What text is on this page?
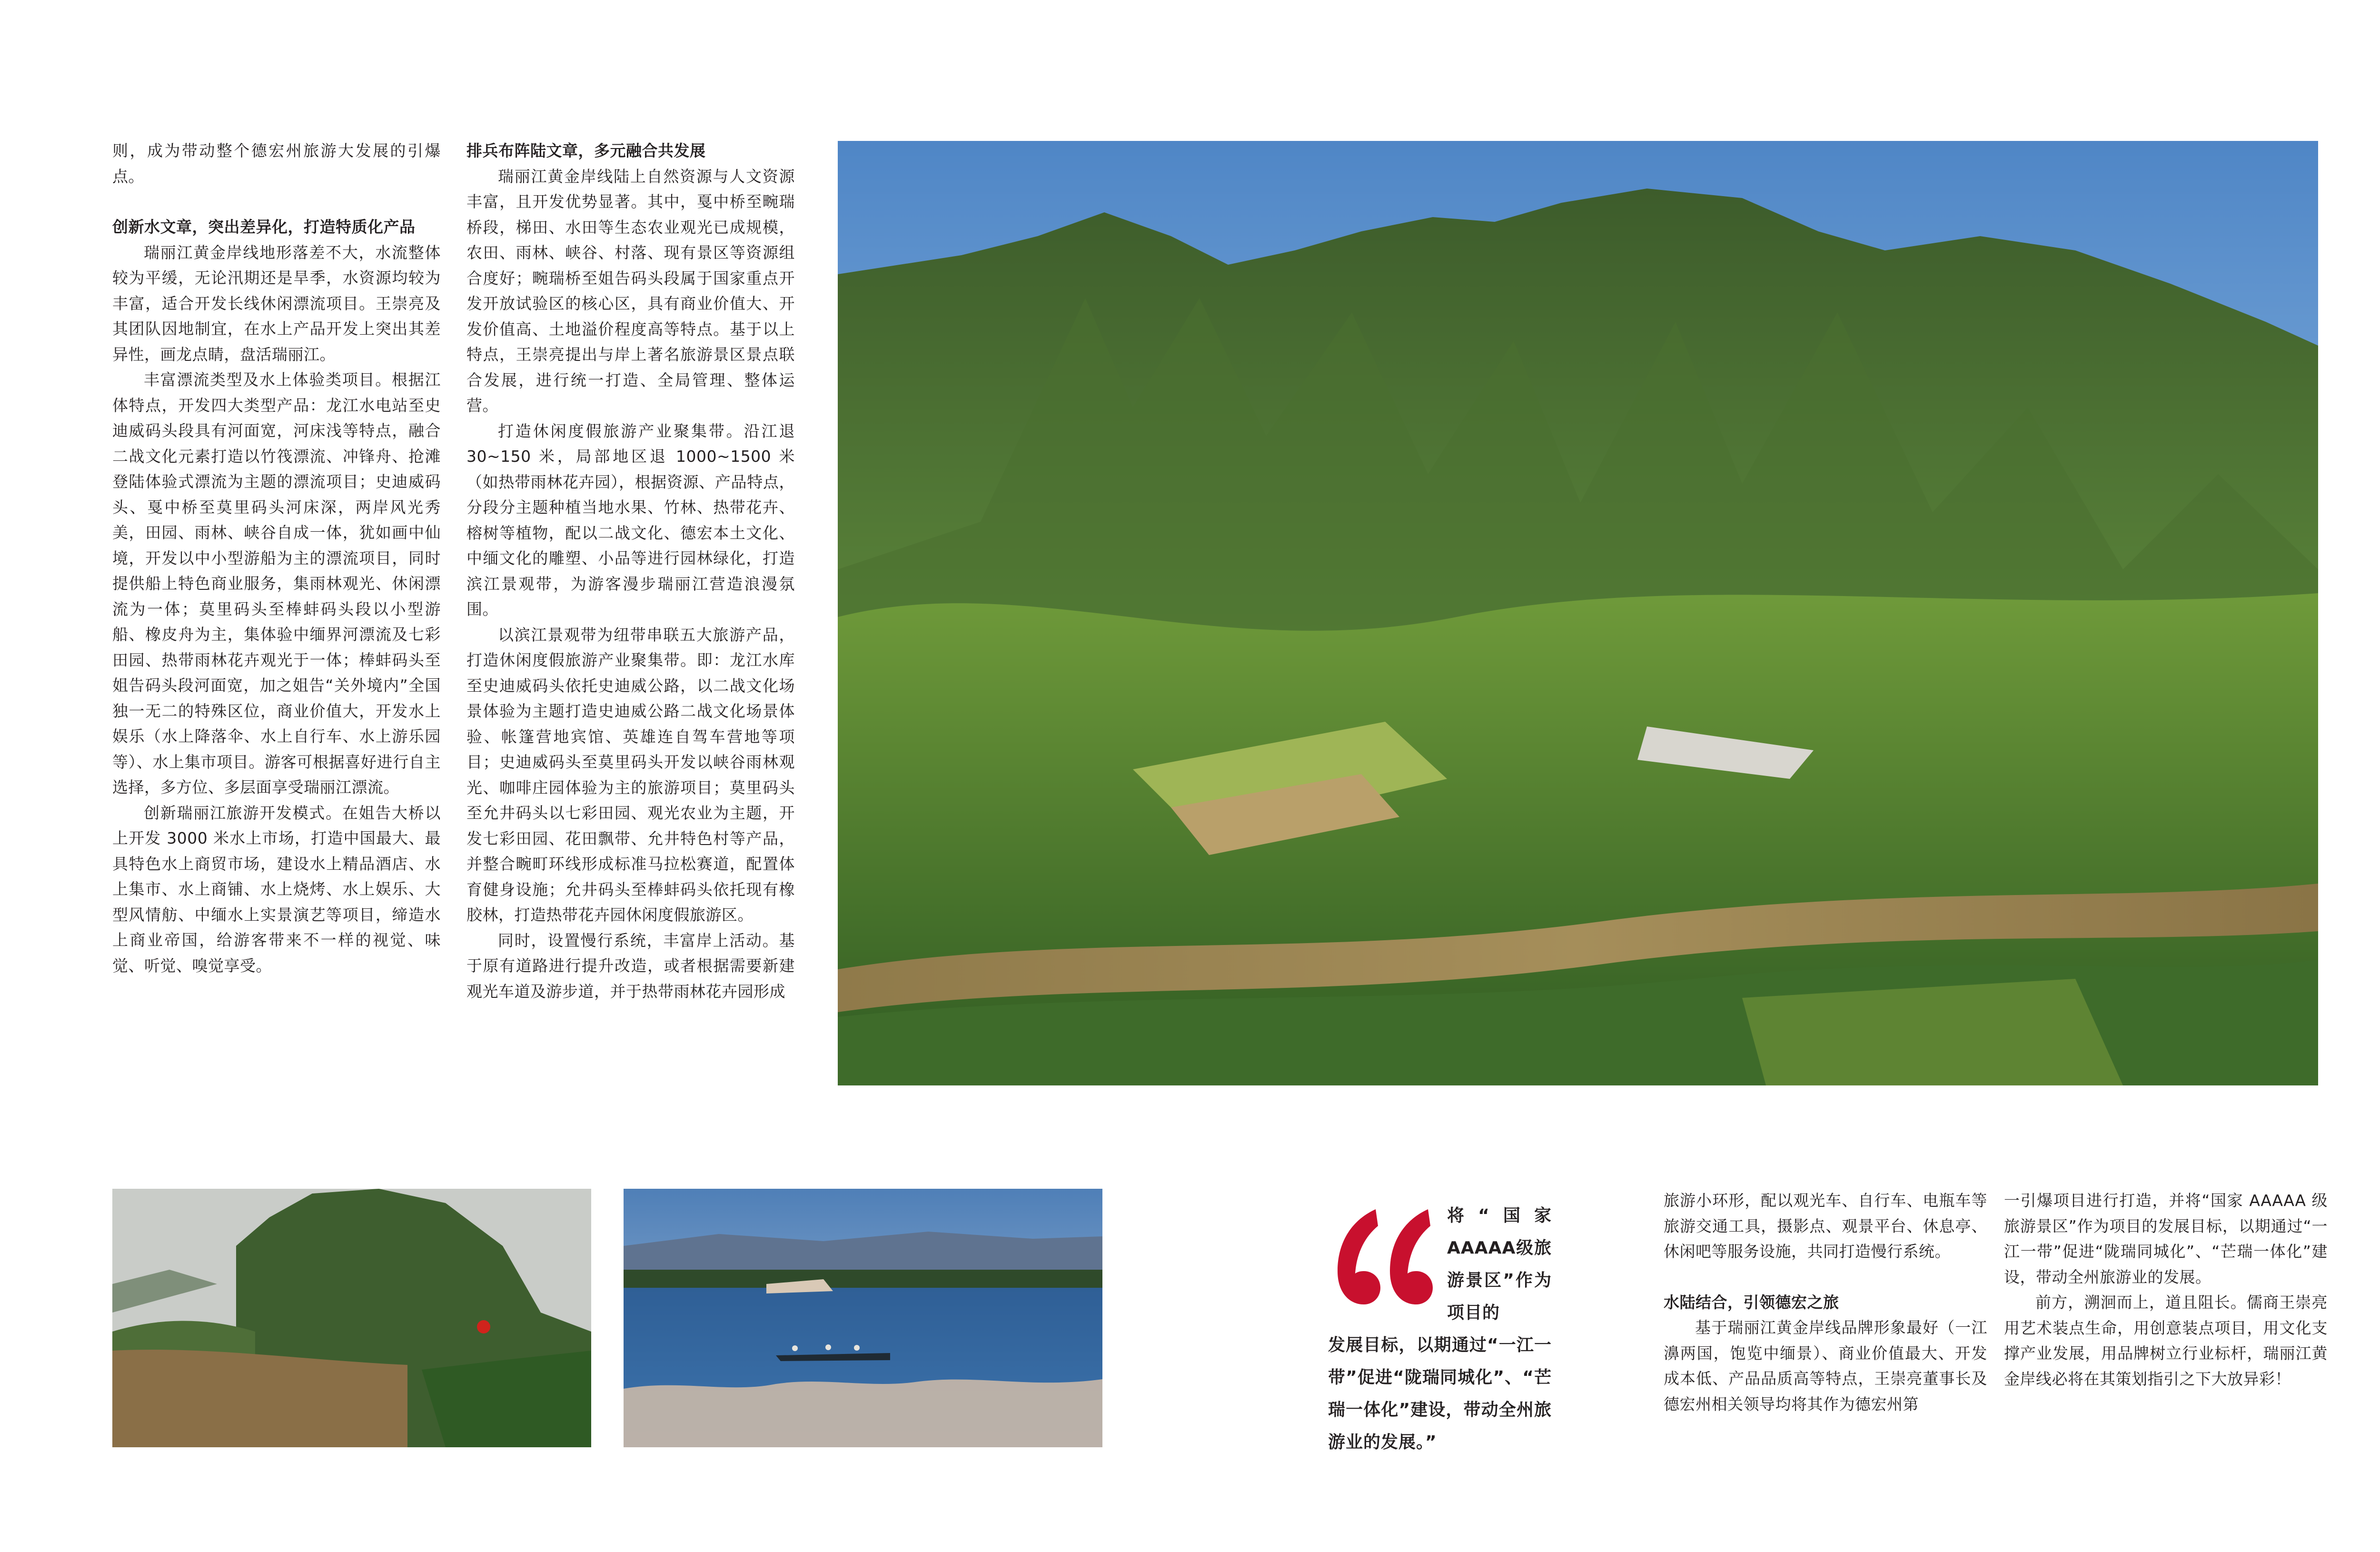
则，成为带动整个德宏州旅游大发展的引爆点。

创新水文章，突出差异化，打造特质化产品

瑞丽江黄金岸线地形落差不大，水流整体较为平缓，无论汛期还是旱季，水资源均较为丰富，适合开发长线休闲漂流项目。王崇亮及其团队因地制宜，在水上产品开发上突出其差异性，画龙点睛，盘活瑞丽江。

丰富漂流类型及水上体验类项目。根据江体特点，开发四大类型产品：龙江水电站至史迪威码头段具有河面宽，河床浅等特点，融合二战文化元素打造以竹筏漂流、冲锋舟、抢滩登陆体验式漂流为主题的漂流项目；史迪威码头、戛中桥至莫里码头河床深，两岸风光秀美，田园、雨林、峡谷自成一体，犹如画中仙境，开发以中小型游船为主的漂流项目，同时提供船上特色商业服务，集雨林观光、休闲漂流为一体；莫里码头至棒蚌码头段以小型游船、橡皮舟为主，集体验中缅界河漂流及七彩田园、热带雨林花卉观光于一体；棒蚌码头至姐告码头段河面宽，加之姐告“关外境内”全国独一无二的特殊区位，商业价值大，开发水上娱乐（水上降落伞、水上自行车、水上游乐园等）、水上集市项目。游客可根据喜好进行自主选择，多方位、多层面享受瑞丽江漂流。

创新瑞丽江旅游开发模式。在姐告大桥以上开发 3000 米水上市场，打造中国最大、最具特色水上商贸市场，建设水上精品酒店、水上集市、水上商铺、水上烧烤、水上娱乐、大型风情舫、中缅水上实景演艺等项目，缔造水上商业帝国，给游客带来不一样的视觉、味觉、听觉、嗅觉享受。

排兵布阵陆文章，多元融合共发展

瑞丽江黄金岸线陆上自然资源与人文资源丰富，且开发优势显著。其中，戛中桥至畹瑞桥段，梯田、水田等生态农业观光已成规模，农田、雨林、峡谷、村落、现有景区等资源组合度好；畹瑞桥至姐告码头段属于国家重点开发开放试验区的核心区，具有商业价值大、开发价值高、土地溢价程度高等特点。基于以上特点，王崇亮提出与岸上著名旅游景区景点联合发展，进行统一打造、全局管理、整体运营。

打造休闲度假旅游产业聚集带。沿江退 30~150 米，局部地区退 1000~1500 米（如热带雨林花卉园），根据资源、产品特点，分段分主题种植当地水果、竹林、热带花卉、榕树等植物，配以二战文化、德宏本土文化、中缅文化的雕塑、小品等进行园林绿化，打造滨江景观带，为游客漫步瑞丽江营造浪漫氛围。

以滨江景观带为纽带串联五大旅游产品，打造休闲度假旅游产业聚集带。即：龙江水库至史迪威码头依托史迪威公路，以二战文化场景体验为主题打造史迪威公路二战文化场景体验、帐篷营地宾馆、英雄连自驾车营地等项目；史迪威码头至莫里码头开发以峡谷雨林观光、咖啡庄园体验为主的旅游项目；莫里码头至允井码头以七彩田园、观光农业为主题，开发七彩田园、花田飘带、允井特色村等产品，并整合畹町环线形成标准马拉松赛道，配置体育健身设施；允井码头至棒蚌码头依托现有橡胶林，打造热带花卉园休闲度假旅游区。

同时，设置慢行系统，丰富岸上活动。基于原有道路进行提升改造，或者根据需要新建观光车道及游步道，并于热带雨林花卉园形成

将“国家AAAAA级旅游景区”作为项目的
发展目标，以期通过“一江一带”促进“陇瑞同城化”、“芒瑞一体化”建设，带动全州旅游业的发展。”

旅游小环形，配以观光车、自行车、电瓶车等旅游交通工具，摄影点、观景平台、休息亭、休闲吧等服务设施，共同打造慢行系统。

水陆结合，引领德宏之旅

基于瑞丽江黄金岸线品牌形象最好（一江濞两国，饱览中缅景）、商业价值最大、开发成本低、产品品质高等特点，王崇亮董事长及德宏州相关领导均将其作为德宏州第

一引爆项目进行打造，并将“国家 AAAAA 级旅游景区”作为项目的发展目标，以期通过“一江一带”促进“陇瑞同城化”、“芒瑞一体化”建设，带动全州旅游业的发展。

前方，溯洄而上，道且阻长。儒商王崇亮用艺术装点生命，用创意装点项目，用文化支撑产业发展，用品牌树立行业标杆，瑞丽江黄金岸线必将在其策划指引之下大放异彩！
